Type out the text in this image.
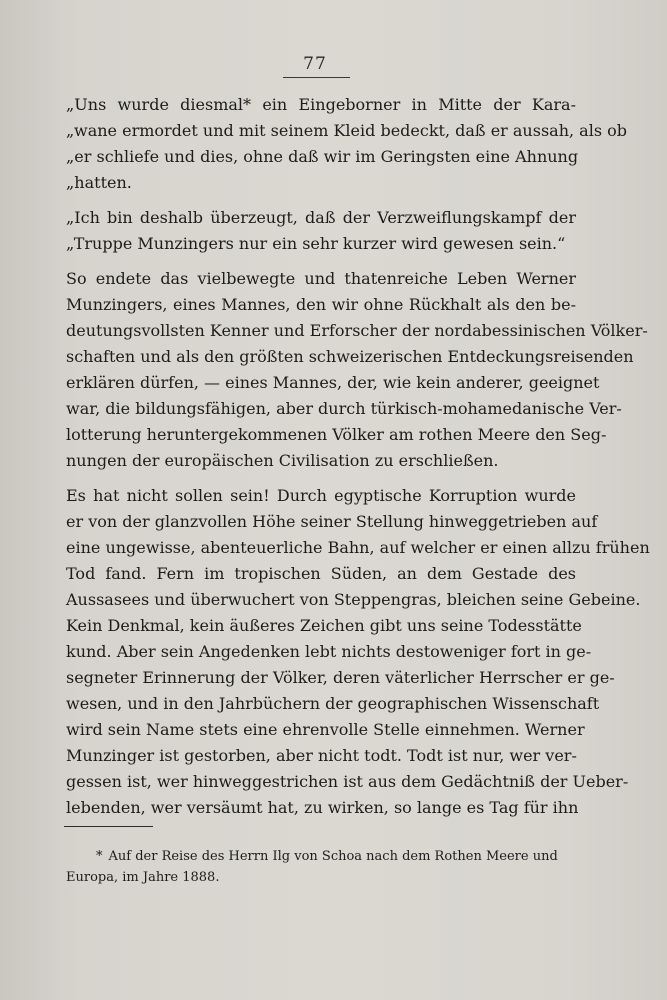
77
„Uns wurde diesmal* ein Eingeborner in Mitte der Kara-
„wane ermordet und mit seinem Kleid bedeckt, daß er aussah, als ob
„er schliefe und dies, ohne daß wir im Geringsten eine Ahnung
„hatten.
„Ich bin deshalb überzeugt, daß der Verzweiflungskampf der
„Truppe Munzingers nur ein sehr kurzer wird gewesen sein.“
So endete das vielbewegte und thatenreiche Leben Werner
Munzingers, eines Mannes, den wir ohne Rückhalt als den be-
deutungsvollsten Kenner und Erforscher der nordabessinischen Völker-
schaften und als den größten schweizerischen Entdeckungsreisenden
erklären dürfen, — eines Mannes, der, wie kein anderer, geeignet
war, die bildungsfähigen, aber durch türkisch-mohamedanische Ver-
lotterung heruntergekommenen Völker am rothen Meere den Seg-
nungen der europäischen Civilisation zu erschließen.
Es hat nicht sollen sein! Durch egyptische Korruption wurde
er von der glanzvollen Höhe seiner Stellung hinweggetrieben auf
eine ungewisse, abenteuerliche Bahn, auf welcher er einen allzu frühen
Tod fand. Fern im tropischen Süden, an dem Gestade des
Aussasees und überwuchert von Steppengras, bleichen seine Gebeine.
Kein Denkmal, kein äußeres Zeichen gibt uns seine Todesstätte
kund. Aber sein Angedenken lebt nichts destoweniger fort in ge-
segneter Erinnerung der Völker, deren väterlicher Herrscher er ge-
wesen, und in den Jahrbüchern der geographischen Wissenschaft
wird sein Name stets eine ehrenvolle Stelle einnehmen. Werner
Munzinger ist gestorben, aber nicht todt. Todt ist nur, wer ver-
gessen ist, wer hinweggestrichen ist aus dem Gedächtniß der Ueber-
lebenden, wer versäumt hat, zu wirken, so lange es Tag für ihn
* Auf der Reise des Herrn Ilg von Schoa nach dem Rothen Meere und
Europa, im Jahre 1888.
